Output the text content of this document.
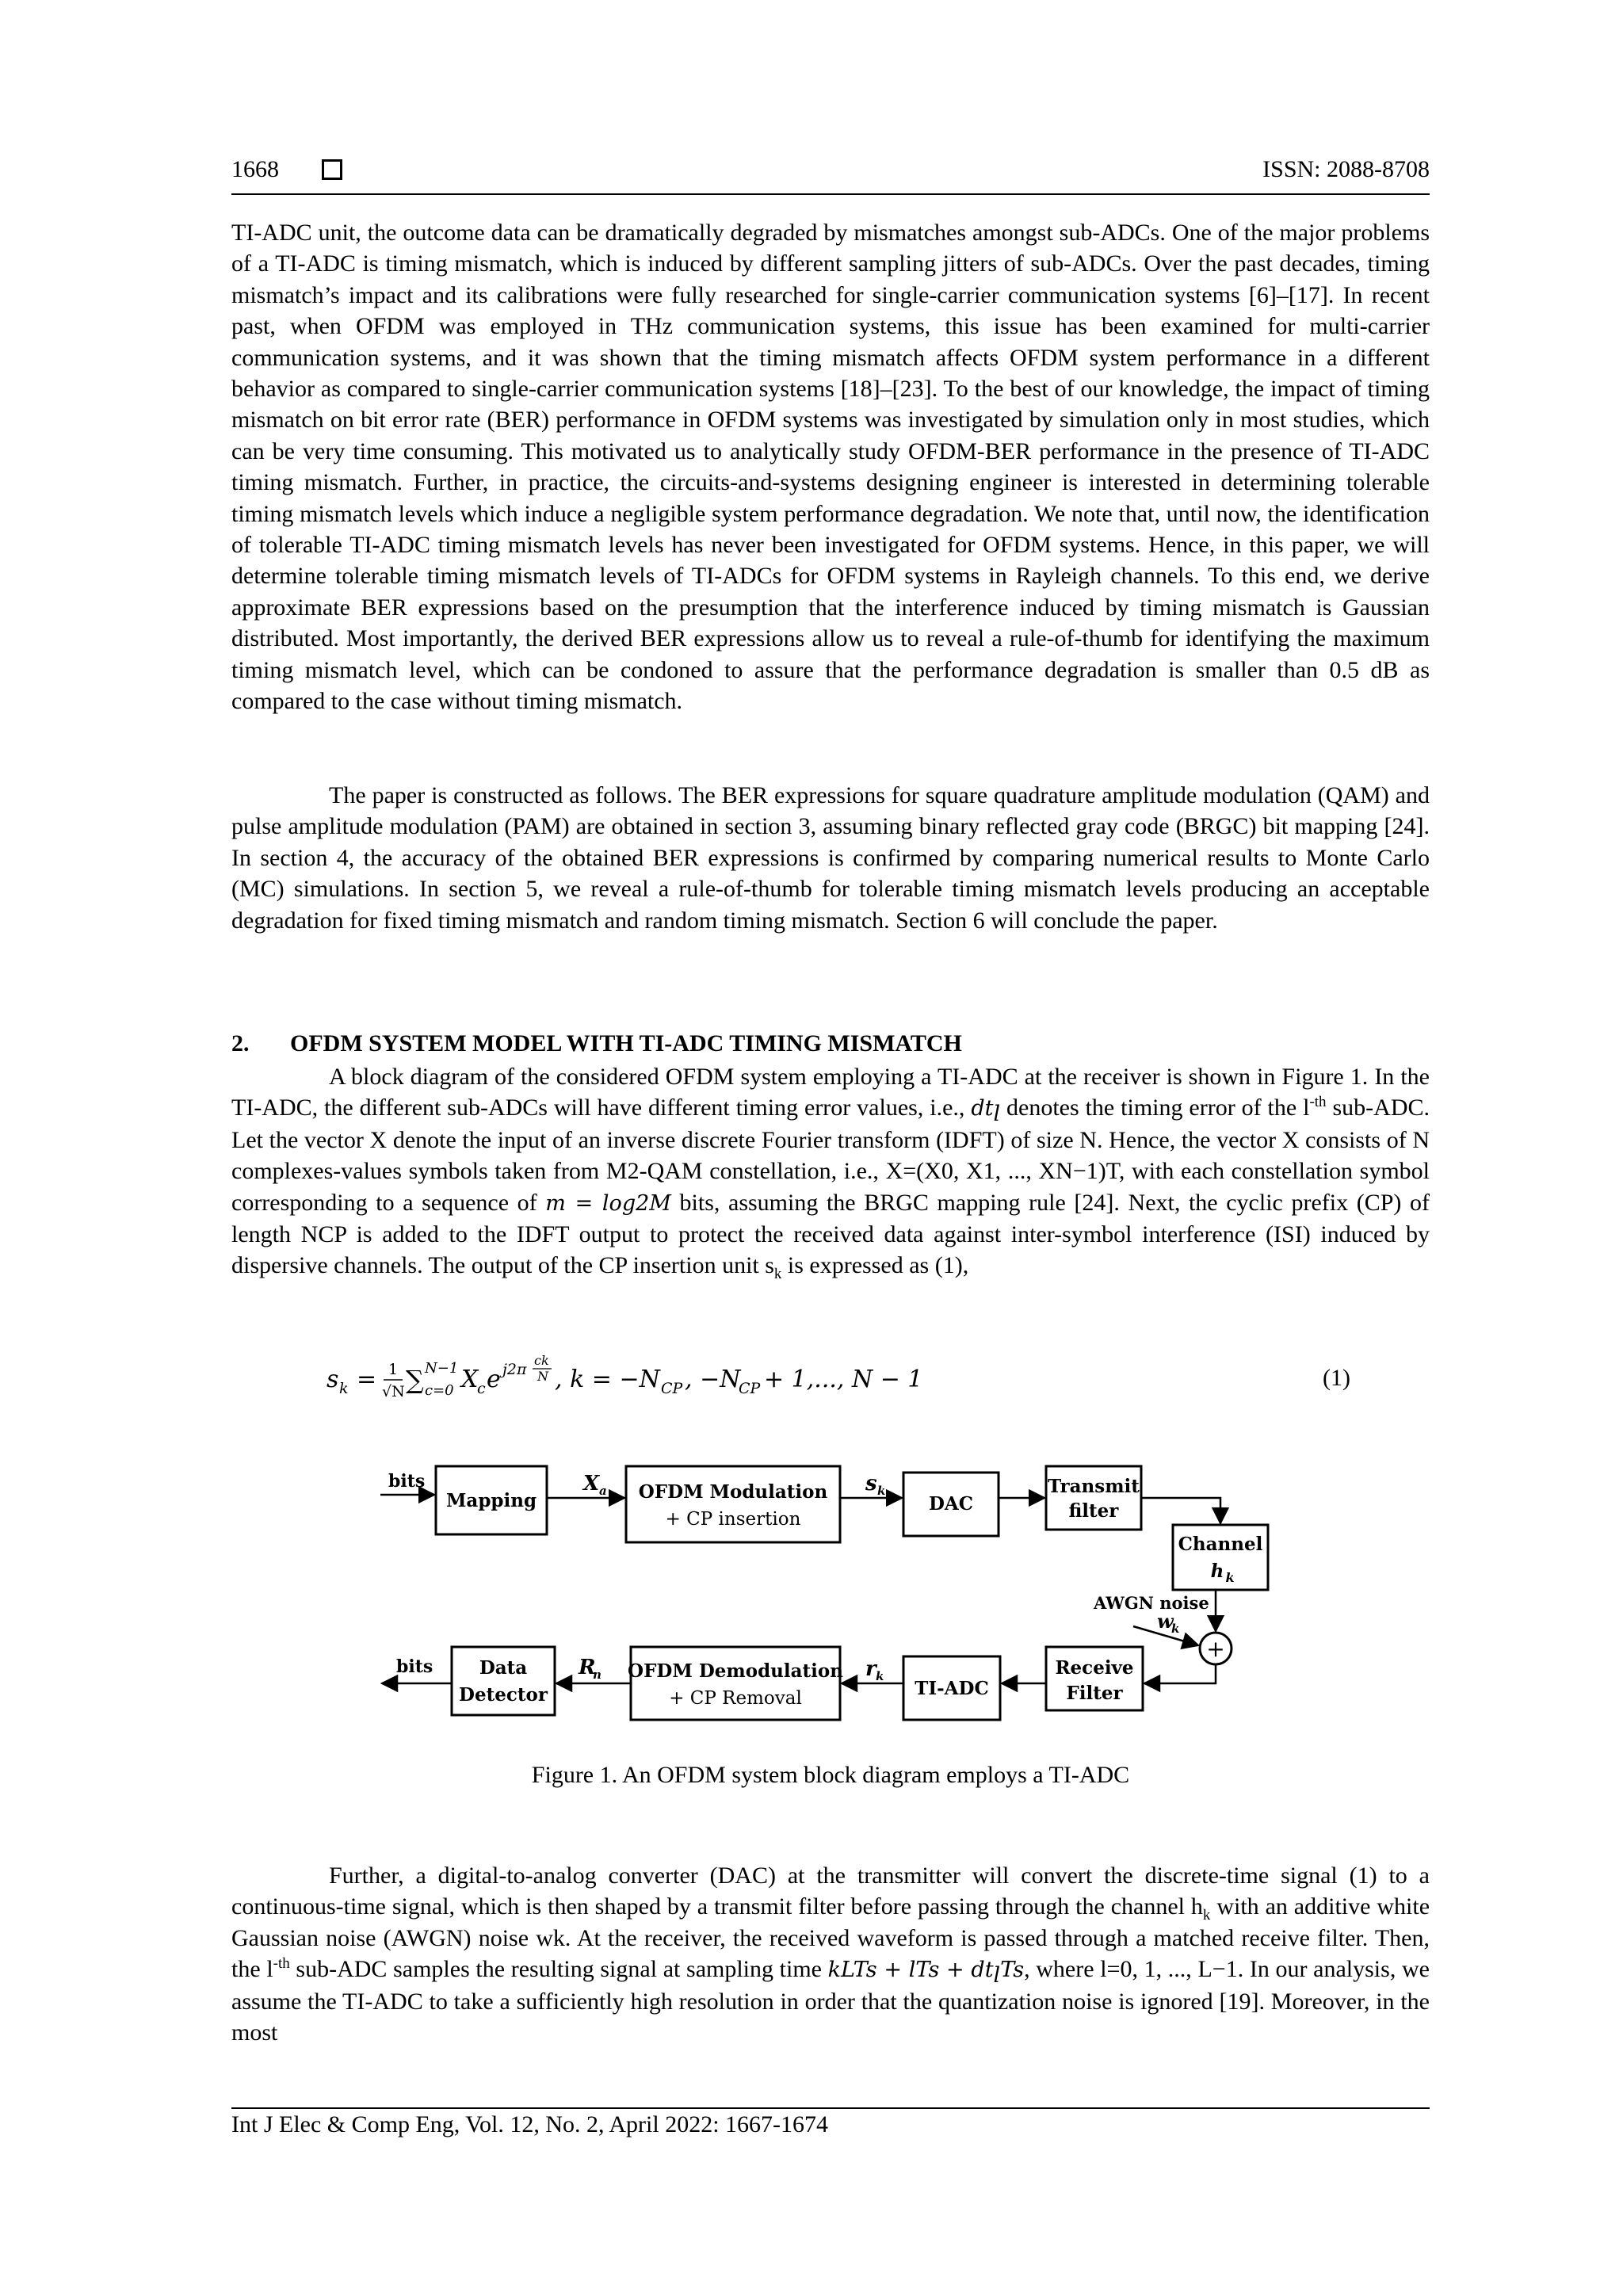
1668	ISSN: 2088-8708

TI-ADC unit, the outcome data can be dramatically degraded by mismatches amongst sub-ADCs. One of the major problems of a TI-ADC is timing mismatch, which is induced by different sampling jitters of sub-ADCs. Over the past decades, timing mismatch’s impact and its calibrations were fully researched for single-carrier communication systems [6]–[17]. In recent past, when OFDM was employed in THz communication systems, this issue has been examined for multi-carrier communication systems, and it was shown that the timing mismatch affects OFDM system performance in a different behavior as compared to single-carrier communication systems [18]–[23]. To the best of our knowledge, the impact of timing mismatch on bit error rate (BER) performance in OFDM systems was investigated by simulation only in most studies, which can be very time consuming. This motivated us to analytically study OFDM-BER performance in the presence of TI-ADC timing mismatch. Further, in practice, the circuits-and-systems designing engineer is interested in determining tolerable timing mismatch levels which induce a negligible system performance degradation. We note that, until now, the identification of tolerable TI-ADC timing mismatch levels has never been investigated for OFDM systems. Hence, in this paper, we will determine tolerable timing mismatch levels of TI-ADCs for OFDM systems in Rayleigh channels. To this end, we derive approximate BER expressions based on the presumption that the interference induced by timing mismatch is Gaussian distributed. Most importantly, the derived BER expressions allow us to reveal a rule-of-thumb for identifying the maximum timing mismatch level, which can be condoned to assure that the performance degradation is smaller than 0.5 dB as compared to the case without timing mismatch.

The paper is constructed as follows. The BER expressions for square quadrature amplitude modulation (QAM) and pulse amplitude modulation (PAM) are obtained in section 3, assuming binary reflected gray code (BRGC) bit mapping [24]. In section 4, the accuracy of the obtained BER expressions is confirmed by comparing numerical results to Monte Carlo (MC) simulations. In section 5, we reveal a rule-of-thumb for tolerable timing mismatch levels producing an acceptable degradation for fixed timing mismatch and random timing mismatch. Section 6 will conclude the paper.

2. OFDM SYSTEM MODEL WITH TI-ADC TIMING MISMATCH

A block diagram of the considered OFDM system employing a TI-ADC at the receiver is shown in Figure 1. In the TI-ADC, the different sub-ADCs will have different timing error values, i.e., $dt_l$ denotes the timing error of the $l^{-th}$ sub-ADC. Let the vector X denote the input of an inverse discrete Fourier transform (IDFT) of size N. Hence, the vector X consists of N complexes-values symbols taken from M2-QAM constellation, i.e., X=(X0, X1, ..., XN−1)T, with each constellation symbol corresponding to a sequence of m = log2M bits, assuming the BRGC mapping rule [24]. Next, the cyclic prefix (CP) of length NCP is added to the IDFT output to protect the received data against inter-symbol interference (ISI) induced by dispersive channels. The output of the CP insertion unit $s_k$ is expressed as (1),

s k = 1
√N ∑ N−1
c=0 X
c e j2π
ck
N , k = −N CP , −N
CP + 1,..., N − 1	(1)
Mapping	OFDM Modulation
+ CP insertion
DAC
Transmit
filter
Channel
h k
+
Receive
Filter
TI-ADC
OFDM Demodulation
+ CP Removal
Data
Detector
bits	X a	s k
AWGN noise
w
k
r k
R
n
bits
Figure 1. An OFDM system block diagram employs a TI-ADC

Further, a digital-to-analog converter (DAC) at the transmitter will convert the discrete-time signal (1) to a continuous-time signal, which is then shaped by a transmit filter before passing through the channel $h_k$ with an additive white Gaussian noise (AWGN) noise wk. At the receiver, the received waveform is passed through a matched receive filter. Then, the $l^{-th}$ sub-ADC samples the resulting signal at sampling time kLTs + lTs + $dt_lTs$, where l=0, 1, ..., L−1. In our analysis, we assume the TI-ADC to take a sufficiently high resolution in order that the quantization noise is ignored [19]. Moreover, in the most

Int J Elec & Comp Eng, Vol. 12, No. 2, April 2022: 1667-1674
